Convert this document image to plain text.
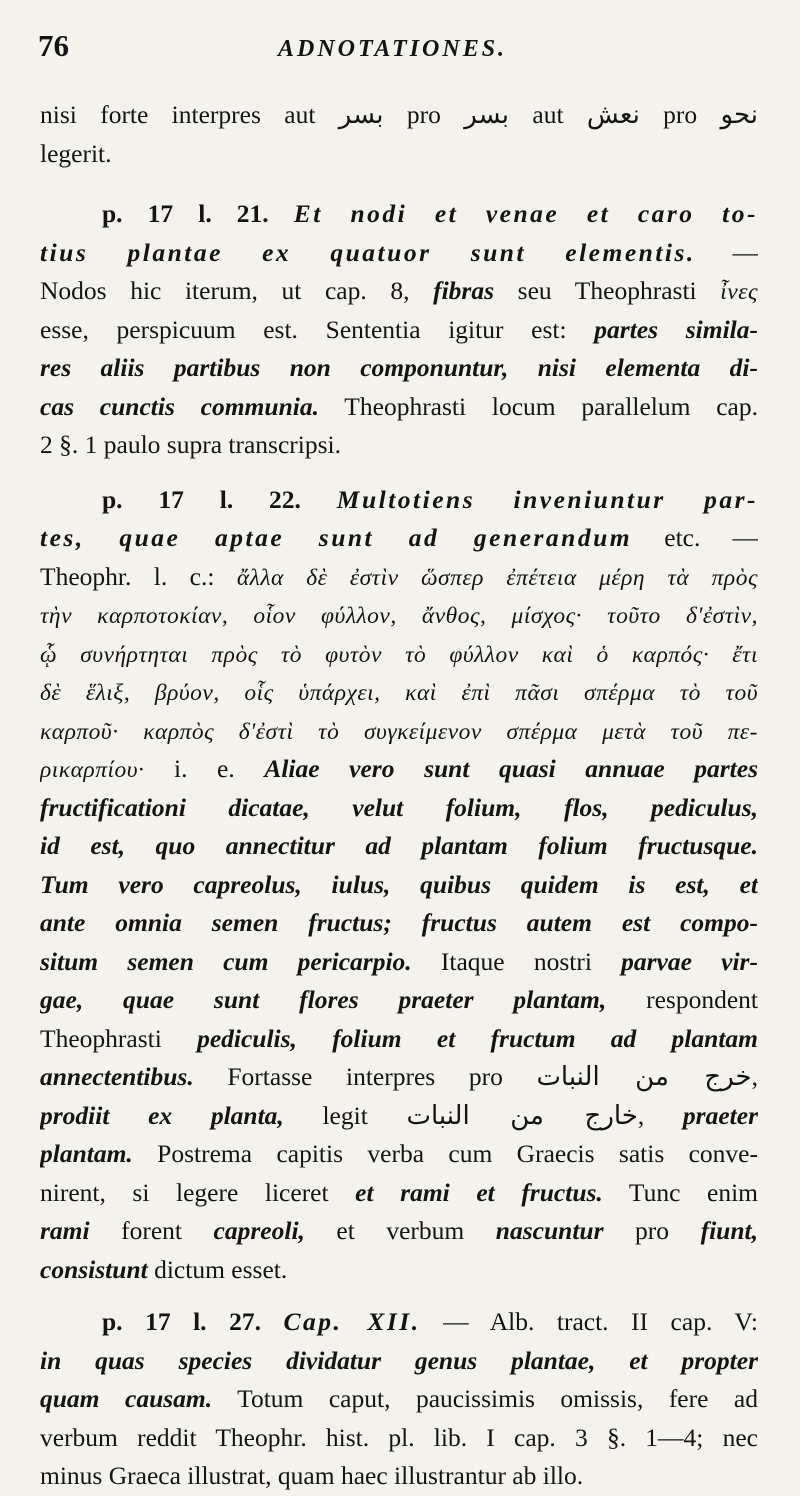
76	ADNOTATIONES.
nisi forte interpres aut بسر pro بسر aut نعش pro نحو
legerit.
p. 17 l. 21. Et nodi et venae et caro to-
tius plantae ex quatuor sunt elementis. —
Nodos hic iterum, ut cap. 8, fibras seu Theophrasti ἶνες
esse, perspicuum est. Sententia igitur est: partes simila-
res aliis partibus non componuntur, nisi elementa di-
cas cunctis communia. Theophrasti locum parallelum cap.
2 §. 1 paulo supra transcripsi.
p. 17 l. 22. Multotiens inveniuntur par-
tes, quae aptae sunt ad generandum etc. —
Theophr. l. c.: ἄλλα δὲ ἐστὶν ὥσπερ ἐπέτεια μέρη τὰ πρὸς
τὴν καρποτοκίαν, οἷον φύλλον, ἄνθος, μίσχος· τοῦτο δ'ἐστὶν,
ᾧ συνήρτηται πρὸς τὸ φυτὸν τὸ φύλλον καὶ ὁ καρπός· ἔτι
δὲ ἕλιξ, βρύον, οἷς ὑπάρχει, καὶ ἐπὶ πᾶσι σπέρμα τὸ τοῦ
καρποῦ· καρπὸς δ'ἐστὶ τὸ συγκείμενον σπέρμα μετὰ τοῦ πε-
ρικαρπίου· i. e. Aliae vero sunt quasi annuae partes
fructificationi dicatae, velut folium, flos, pediculus,
id est, quo annectitur ad plantam folium fructusque.
Tum vero capreolus, iulus, quibus quidem is est, et
ante omnia semen fructus; fructus autem est compo-
situm semen cum pericarpio. Itaque nostri parvae vir-
gae, quae sunt flores praeter plantam, respondent
Theophrasti pediculis, folium et fructum ad plantam
annectentibus. Fortasse interpres pro خرج من النبات,
prodiit ex planta, legit خارج من النبات, praeter
plantam. Postrema capitis verba cum Graecis satis conve-
nirent, si legere liceret et rami et fructus. Tunc enim
rami forent capreoli, et verbum nascuntur pro fiunt,
consistunt dictum esset.
p. 17 l. 27. Cap. XII. — Alb. tract. II cap. V:
in quas species dividatur genus plantae, et propter
quam causam. Totum caput, paucissimis omissis, fere ad
verbum reddit Theophr. hist. pl. lib. I cap. 3 §. 1—4; nec
minus Graeca illustrat, quam haec illustrantur ab illo.
